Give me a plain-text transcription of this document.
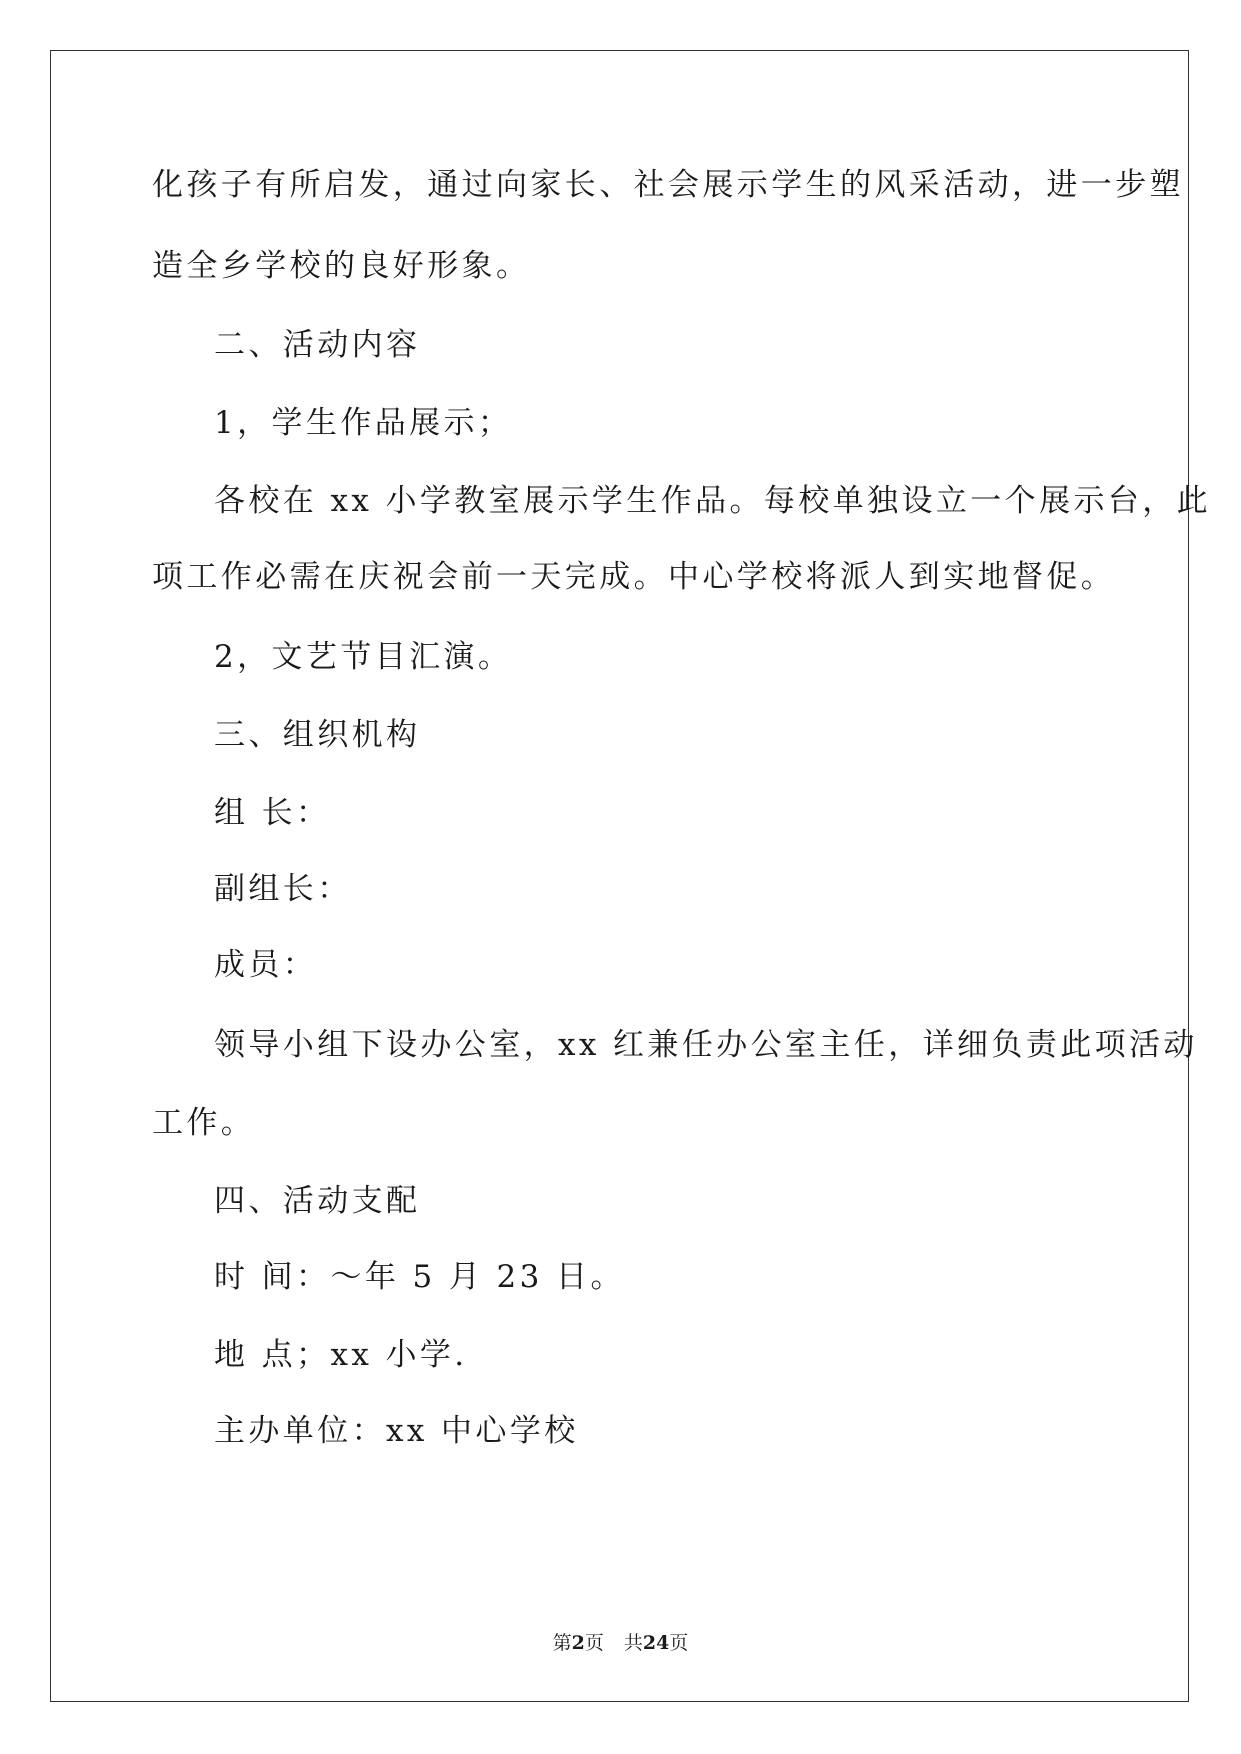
化孩子有所启发，通过向家长、社会展示学生的风采活动，进一步塑
造全乡学校的良好形象。
二、活动内容
1，学生作品展示；
各校在 xx 小学教室展示学生作品。每校单独设立一个展示台，此
项工作必需在庆祝会前一天完成。中心学校将派人到实地督促。
2，文艺节目汇演。
三、组织机构
组 长：
副组长：
成员：
领导小组下设办公室，xx 红兼任办公室主任，详细负责此项活动
工作。
四、活动支配
时 间：～年 5 月 23 日。
地 点；xx 小学.
主办单位：xx 中心学校
第2页 共24页
